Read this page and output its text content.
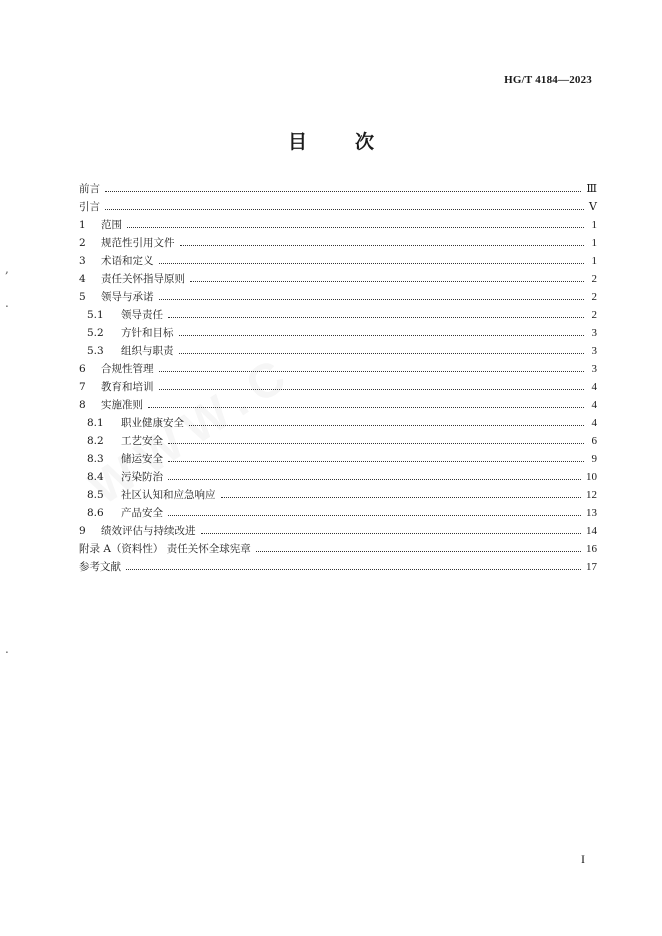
HG/T 4184—2023
目	次
前言	Ⅲ
引言	Ⅴ
1	范围	1
2	规范性引用文件	1
3	术语和定义	1
4	责任关怀指导原则	2
5	领导与承诺	2
5.1	领导责任	2
5.2	方针和目标	3
5.3	组织与职责	3
6	合规性管理	3
7	教育和培训	4
8	实施准则	4
8.1	职业健康安全	4
8.2	工艺安全	6
8.3	储运安全	9
8.4	污染防治	10
8.5	社区认知和应急响应	12
8.6	产品安全	13
9	绩效评估与持续改进	14
附录 A（资料性） 责任关怀全球宪章	16
参考文献	17
,
.
.
I
